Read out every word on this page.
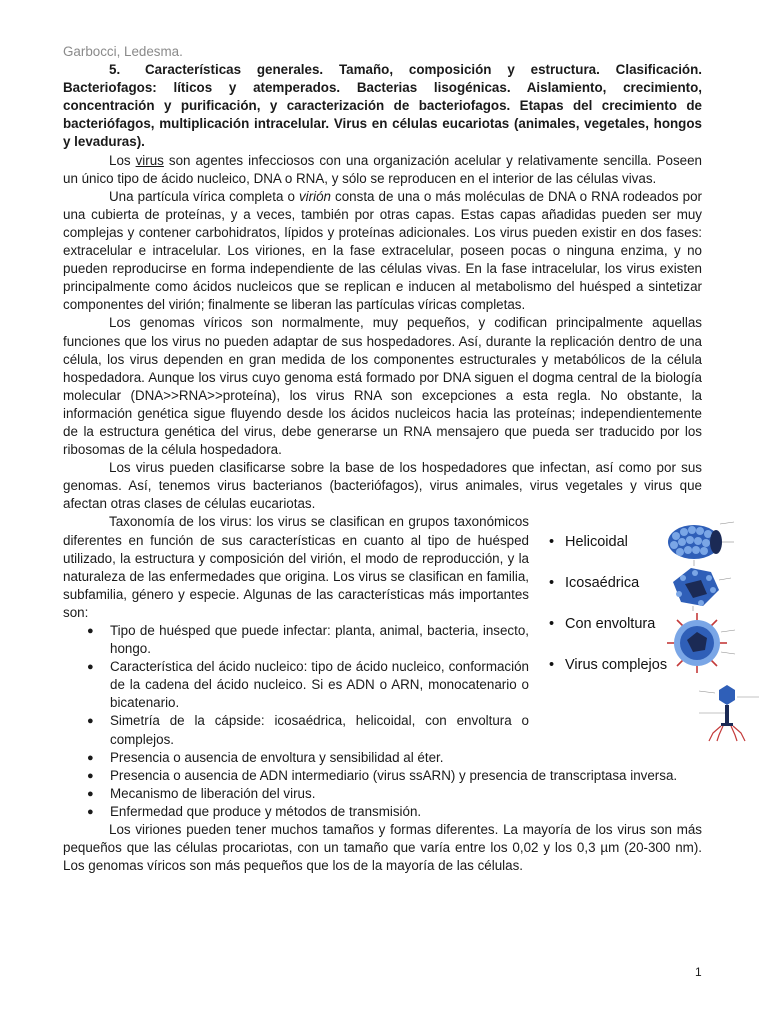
Garbocci, Ledesma.

5. Características generales. Tamaño, composición y estructura. Clasificación. Bacteriofagos: líticos y atemperados. Bacterias lisogénicas. Aislamiento, crecimiento, concentración y purificación, y caracterización de bacteriofagos. Etapas del crecimiento de bacteriófagos, multiplicación intracelular. Virus en células eucariotas (animales, vegetales, hongos y levaduras).

Los virus son agentes infecciosos con una organización acelular y relativamente sencilla. Poseen un único tipo de ácido nucleico, DNA o RNA, y sólo se reproducen en el interior de las células vivas.

Una partícula vírica completa o virión consta de una o más moléculas de DNA o RNA rodeados por una cubierta de proteínas, y a veces, también por otras capas. Estas capas añadidas pueden ser muy complejas y contener carbohidratos, lípidos y proteínas adicionales. Los virus pueden existir en dos fases: extracelular e intracelular. Los viriones, en la fase extracelular, poseen pocas o ninguna enzima, y no pueden reproducirse en forma independiente de las células vivas. En la fase intracelular, los virus existen principalmente como ácidos nucleicos que se replican e inducen al metabolismo del huésped a sintetizar componentes del virión; finalmente se liberan las partículas víricas completas.

Los genomas víricos son normalmente, muy pequeños, y codifican principalmente aquellas funciones que los virus no pueden adaptar de sus hospedadores. Así, durante la replicación dentro de una célula, los virus dependen en gran medida de los componentes estructurales y metabólicos de la célula hospedadora. Aunque los virus cuyo genoma está formado por DNA siguen el dogma central de la biología molecular (DNA>>RNA>>proteína), los virus RNA son excepciones a esta regla. No obstante, la información genética sigue fluyendo desde los ácidos nucleicos hacia las proteínas; independientemente de la estructura genética del virus, debe generarse un RNA mensajero que pueda ser traducido por los ribosomas de la célula hospedadora.

Los virus pueden clasificarse sobre la base de los hospedadores que infectan, así como por sus genomas. Así, tenemos virus bacterianos (bacteriófagos), virus animales, virus vegetales y virus que afectan otras clases de células eucariotas.

Taxonomía de los virus: los virus se clasifican en grupos taxonómicos diferentes en función de sus características en cuanto al tipo de huésped utilizado, la estructura y composición del virión, el modo de reproducción, y la naturaleza de las enfermedades que origina. Los virus se clasifican en familia, subfamilia, género y especie. Algunas de las características más importantes son:

● Tipo de huésped que puede infectar: planta, animal, bacteria, insecto, hongo.
● Característica del ácido nucleico: tipo de ácido nucleico, conformación de la cadena del ácido nucleico. Si es ADN o ARN, monocatenario o bicatenario.
● Simetría de la cápside: icosaédrica, helicoidal, con envoltura o complejos.
• Helicoidal
• Icosaédrica
• Con envoltura
• Virus complejos
● Presencia o ausencia de envoltura y sensibilidad al éter.
● Presencia o ausencia de ADN intermediario (virus ssARN) y presencia de transcriptasa inversa.
● Mecanismo de liberación del virus.
● Enfermedad que produce y métodos de transmisión.

Los viriones pueden tener muchos tamaños y formas diferentes. La mayoría de los virus son más pequeños que las células procariotas, con un tamaño que varía entre los 0,02 y los 0,3 µm (20-300 nm). Los genomas víricos son más pequeños que los de la mayoría de las células.

1
